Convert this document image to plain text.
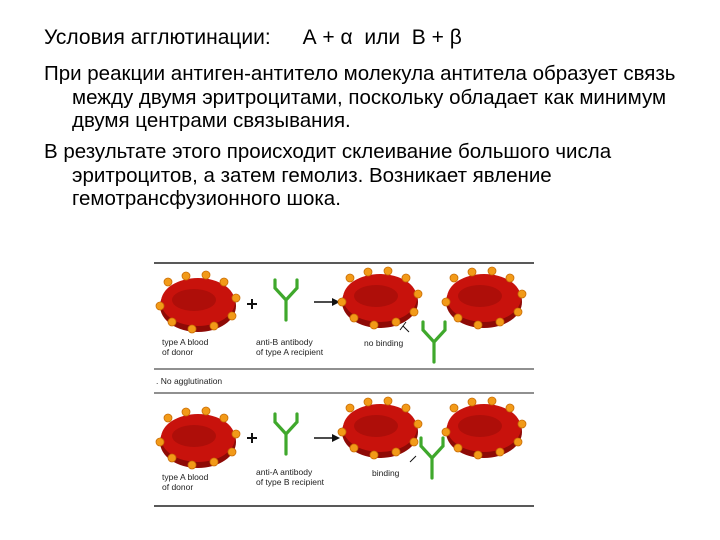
Условия агглютинации: А + α или В + β
При реакции антиген-антитело молекула антитела образует связь между двумя эритроцитами, поскольку обладает как минимум двумя центрами связывания.
В результате этого происходит склеивание большого числа эритроцитов, а затем гемолиз. Возникает явление гемотрансфузионного шока.
type A blood
of donor
anti-B antibody
of type A recipient
no binding
. No agglutination
type A blood
of donor
anti-A antibody
of type B recipient
binding
